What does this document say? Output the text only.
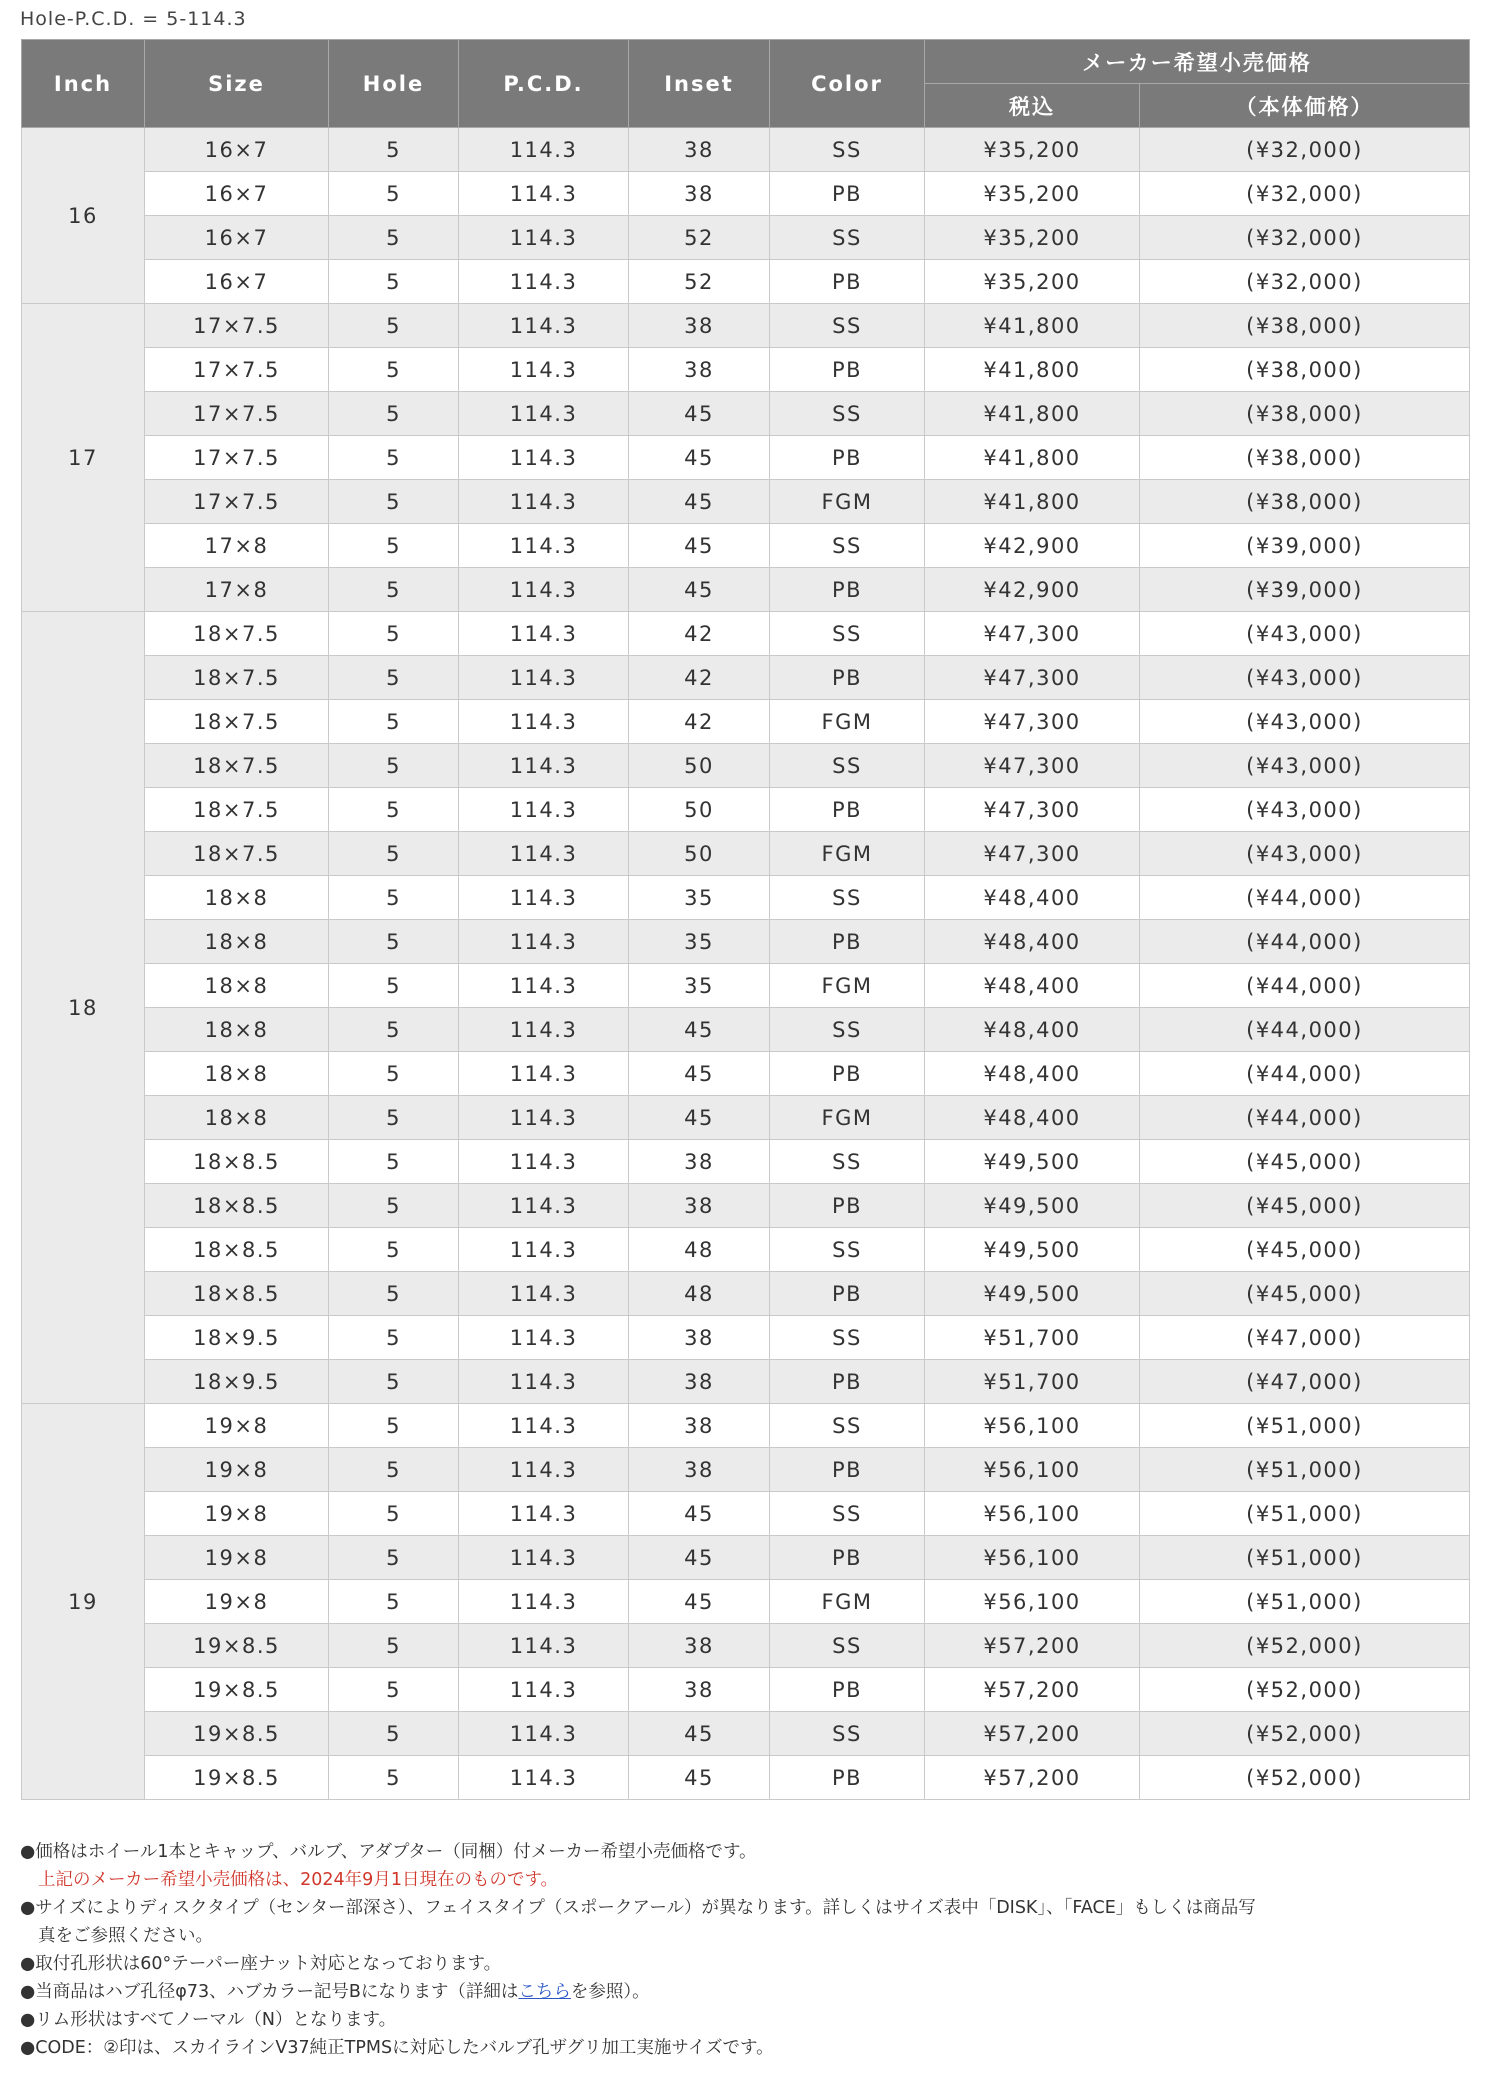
Hole-P.C.D. = 5-114.3
Inch	Size	Hole	P.C.D.	Inset	Color	メーカー希望小売価格	
						税込	（本体価格）
16	16×7	5	114.3	38	SS	¥35,200	(¥32,000)
	16×7	5	114.3	38	PB	¥35,200	(¥32,000)
	16×7	5	114.3	52	SS	¥35,200	(¥32,000)
	16×7	5	114.3	52	PB	¥35,200	(¥32,000)
17	17×7.5	5	114.3	38	SS	¥41,800	(¥38,000)
	17×7.5	5	114.3	38	PB	¥41,800	(¥38,000)
	17×7.5	5	114.3	45	SS	¥41,800	(¥38,000)
	17×7.5	5	114.3	45	PB	¥41,800	(¥38,000)
	17×7.5	5	114.3	45	FGM	¥41,800	(¥38,000)
	17×8	5	114.3	45	SS	¥42,900	(¥39,000)
	17×8	5	114.3	45	PB	¥42,900	(¥39,000)
18	18×7.5	5	114.3	42	SS	¥47,300	(¥43,000)
	18×7.5	5	114.3	42	PB	¥47,300	(¥43,000)
	18×7.5	5	114.3	42	FGM	¥47,300	(¥43,000)
	18×7.5	5	114.3	50	SS	¥47,300	(¥43,000)
	18×7.5	5	114.3	50	PB	¥47,300	(¥43,000)
	18×7.5	5	114.3	50	FGM	¥47,300	(¥43,000)
	18×8	5	114.3	35	SS	¥48,400	(¥44,000)
	18×8	5	114.3	35	PB	¥48,400	(¥44,000)
	18×8	5	114.3	35	FGM	¥48,400	(¥44,000)
	18×8	5	114.3	45	SS	¥48,400	(¥44,000)
	18×8	5	114.3	45	PB	¥48,400	(¥44,000)
	18×8	5	114.3	45	FGM	¥48,400	(¥44,000)
	18×8.5	5	114.3	38	SS	¥49,500	(¥45,000)
	18×8.5	5	114.3	38	PB	¥49,500	(¥45,000)
	18×8.5	5	114.3	48	SS	¥49,500	(¥45,000)
	18×8.5	5	114.3	48	PB	¥49,500	(¥45,000)
	18×9.5	5	114.3	38	SS	¥51,700	(¥47,000)
	18×9.5	5	114.3	38	PB	¥51,700	(¥47,000)
19	19×8	5	114.3	38	SS	¥56,100	(¥51,000)
	19×8	5	114.3	38	PB	¥56,100	(¥51,000)
	19×8	5	114.3	45	SS	¥56,100	(¥51,000)
	19×8	5	114.3	45	PB	¥56,100	(¥51,000)
	19×8	5	114.3	45	FGM	¥56,100	(¥51,000)
	19×8.5	5	114.3	38	SS	¥57,200	(¥52,000)
	19×8.5	5	114.3	38	PB	¥57,200	(¥52,000)
	19×8.5	5	114.3	45	SS	¥57,200	(¥52,000)
	19×8.5	5	114.3	45	PB	¥57,200	(¥52,000)
●価格はホイール1本とキャップ、バルブ、アダプター（同梱）付メーカー希望小売価格です。
上記のメーカー希望小売価格は、2024年9月1日現在のものです。
●サイズによりディスクタイプ（センター部深さ）、フェイスタイプ（スポークアール）が異なります。詳しくはサイズ表中「DISK」、「FACE」もしくは商品写
真をご参照ください。
●取付孔形状は60°テーパー座ナット対応となっております。
●当商品はハブ孔径φ73、ハブカラー記号Bになります（詳細はこちらを参照）。
●リム形状はすべてノーマル（N）となります。
●CODE：②印は、スカイラインV37純正TPMSに対応したバルブ孔ザグリ加工実施サイズです。
